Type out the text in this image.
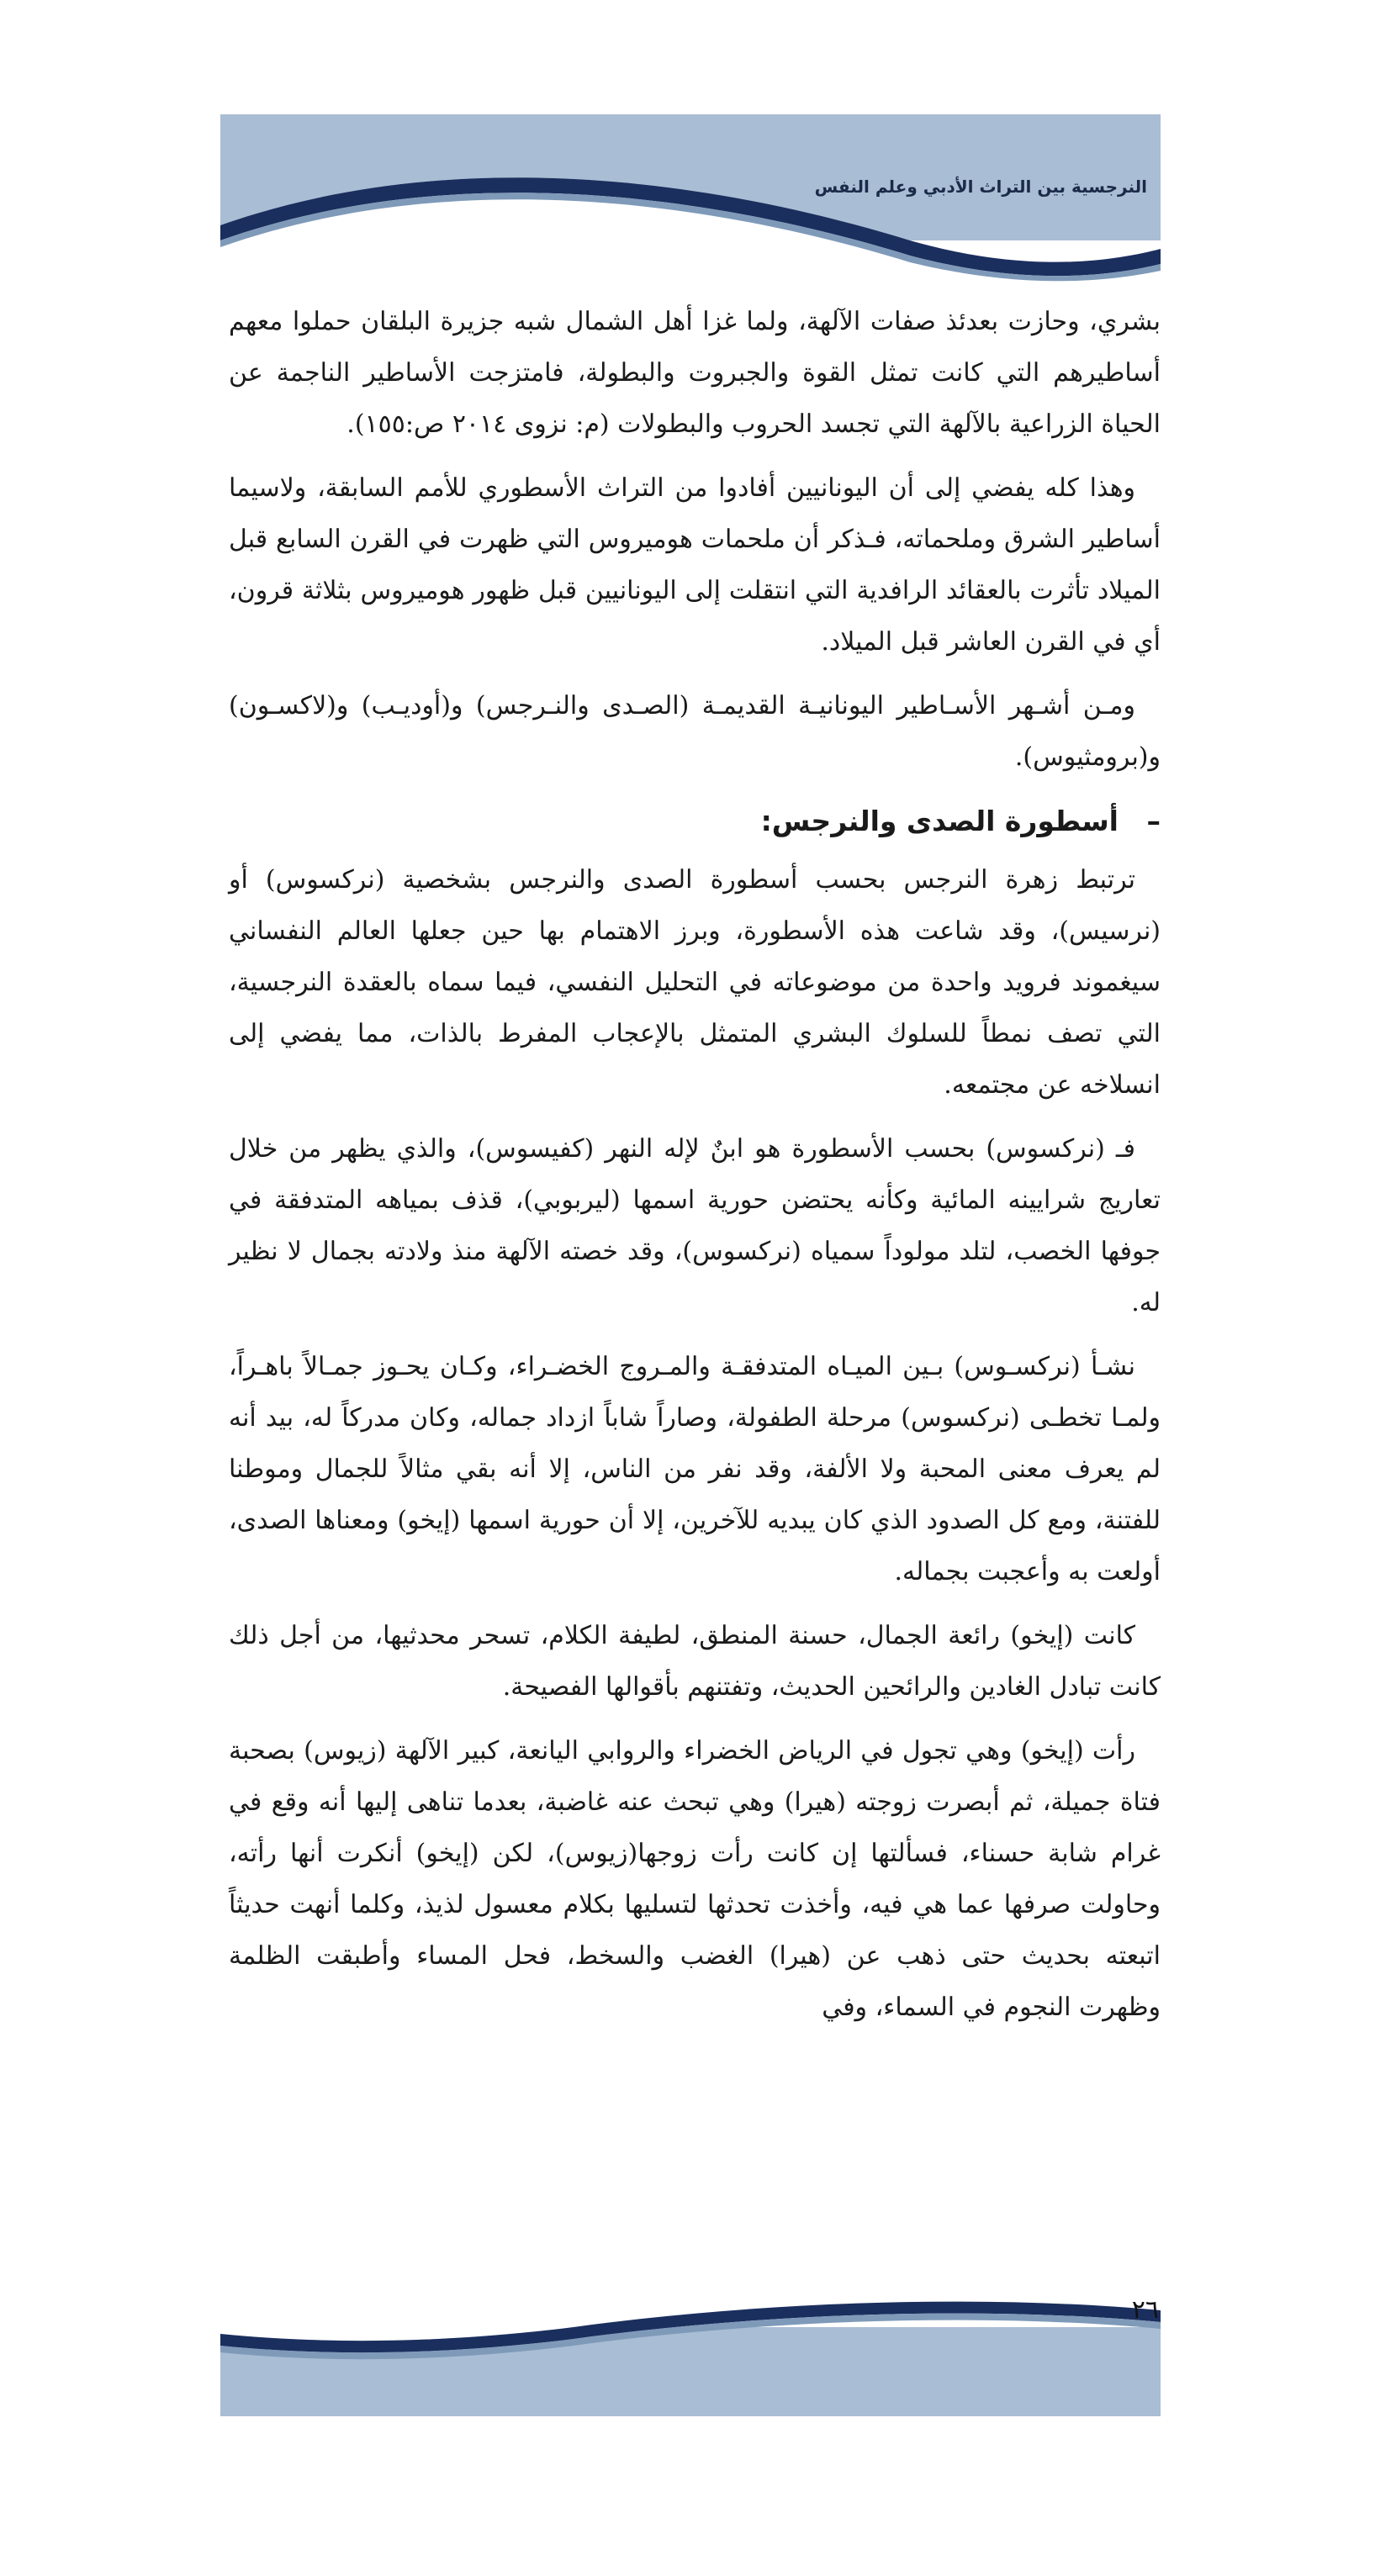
النرجسية بين التراث الأدبي وعلم النفس

بشري، وحازت بعدئذ صفات الآلهة، ولما غزا أهل الشمال شبه جزيرة البلقان حملوا معهم أساطيرهم التي كانت تمثل القوة والجبروت والبطولة، فامتزجت الأساطير الناجمة عن الحياة الزراعية بالآلهة التي تجسد الحروب والبطولات (م: نزوى ٢٠١٤ ص:١٥٥).

وهذا كله يفضي إلى أن اليونانيين أفادوا من التراث الأسطوري للأمم السابقة، ولاسيما أساطير الشرق وملحماته، فـذكر أن ملحمات هوميروس التي ظهرت في القرن السابع قبل الميلاد تأثرت بالعقائد الرافدية التي انتقلت إلى اليونانيين قبل ظهور هوميروس بثلاثة قرون، أي في القرن العاشر قبل الميلاد.

ومـن أشـهر الأسـاطير اليونانيـة القديمـة (الصـدى والنـرجس) و(أوديـب) و(لاكسـون) و(برومثيوس).

–
أسطورة الصدى والنرجس:

ترتبط زهرة النرجس بحسب أسطورة الصدى والنرجس بشخصية (نركسوس) أو (نرسيس)، وقد شاعت هذه الأسطورة، وبرز الاهتمام بها حين جعلها العالم النفساني سيغموند فرويد واحدة من موضوعاته في التحليل النفسي، فيما سماه بالعقدة النرجسية، التي تصف نمطاً للسلوك البشري المتمثل بالإعجاب المفرط بالذات، مما يفضي إلى انسلاخه عن مجتمعه.

فـ (نركسوس) بحسب الأسطورة هو ابنٌ لإله النهر (كفيسوس)، والذي يظهر من خلال تعاريج شرايينه المائية وكأنه يحتضن حورية اسمها (ليربوبي)، قذف بمياهه المتدفقة في جوفها الخصب، لتلد مولوداً سمياه (نركسوس)، وقد خصته الآلهة منذ ولادته بجمال لا نظير له.

نشـأ (نركسـوس) بـين الميـاه المتدفقـة والمـروج الخضـراء، وكـان يحـوز جمـالاً باهـراً، ولمـا تخطـى (نركسوس) مرحلة الطفولة، وصاراً شاباً ازداد جماله، وكان مدركاً له، بيد أنه لم يعرف معنى المحبة ولا الألفة، وقد نفر من الناس، إلا أنه بقي مثالاً للجمال وموطنا للفتنة، ومع كل الصدود الذي كان يبديه للآخرين، إلا أن حورية اسمها (إيخو) ومعناها الصدى، أولعت به وأعجبت بجماله.

كانت (إيخو) رائعة الجمال، حسنة المنطق، لطيفة الكلام، تسحر محدثيها، من أجل ذلك كانت تبادل الغادين والرائحين الحديث، وتفتنهم بأقوالها الفصيحة.

رأت (إيخو) وهي تجول في الرياض الخضراء والروابي اليانعة، كبير الآلهة (زيوس) بصحبة فتاة جميلة، ثم أبصرت زوجته (هيرا) وهي تبحث عنه غاضبة، بعدما تناهى إليها أنه وقع في غرام شابة حسناء، فسألتها إن كانت رأت زوجها(زيوس)، لكن (إيخو) أنكرت أنها رأته، وحاولت صرفها عما هي فيه، وأخذت تحدثها لتسليها بكلام معسول لذيذ، وكلما أنهت حديثاً اتبعته بحديث حتى ذهب عن (هيرا) الغضب والسخط، فحل المساء وأطبقت الظلمة وظهرت النجوم في السماء، وفي

٢٦
